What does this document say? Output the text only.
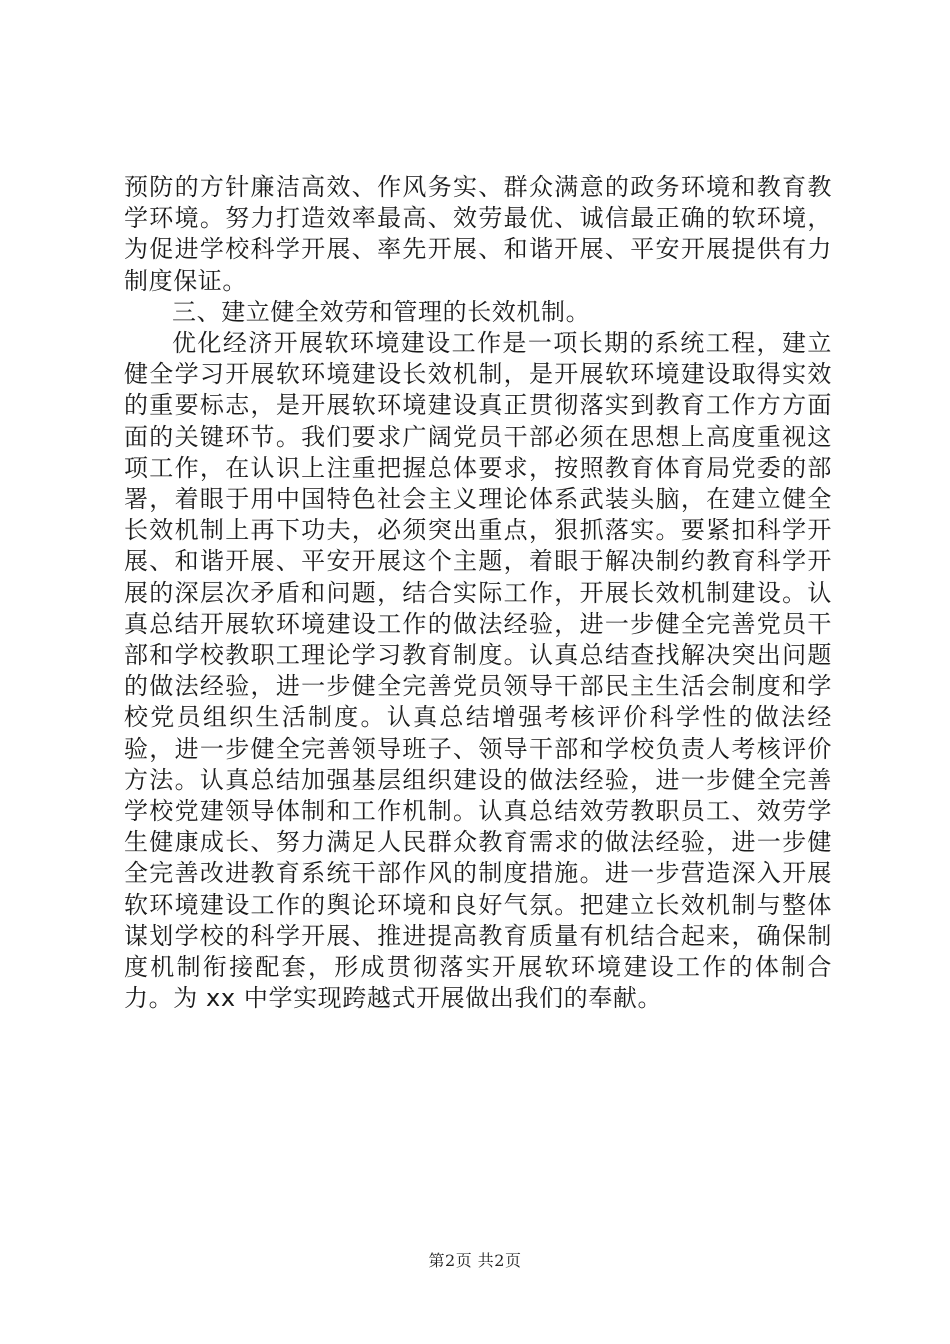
预防的方针廉洁高效、作风务实、群众满意的政务环境和教育教学环境。努力打造效率最高、效劳最优、诚信最正确的软环境，为促进学校科学开展、率先开展、和谐开展、平安开展提供有力制度保证。

三、建立健全效劳和管理的长效机制。

优化经济开展软环境建设工作是一项长期的系统工程，建立健全学习开展软环境建设长效机制，是开展软环境建设取得实效的重要标志，是开展软环境建设真正贯彻落实到教育工作方方面面的关键环节。我们要求广阔党员干部必须在思想上高度重视这项工作，在认识上注重把握总体要求，按照教育体育局党委的部署，着眼于用中国特色社会主义理论体系武装头脑，在建立健全长效机制上再下功夫，必须突出重点，狠抓落实。要紧扣科学开展、和谐开展、平安开展这个主题，着眼于解决制约教育科学开展的深层次矛盾和问题，结合实际工作，开展长效机制建设。认真总结开展软环境建设工作的做法经验，进一步健全完善党员干部和学校教职工理论学习教育制度。认真总结查找解决突出问题的做法经验，进一步健全完善党员领导干部民主生活会制度和学校党员组织生活制度。认真总结增强考核评价科学性的做法经验，进一步健全完善领导班子、领导干部和学校负责人考核评价方法。认真总结加强基层组织建设的做法经验，进一步健全完善学校党建领导体制和工作机制。认真总结效劳教职员工、效劳学生健康成长、努力满足人民群众教育需求的做法经验，进一步健全完善改进教育系统干部作风的制度措施。进一步营造深入开展软环境建设工作的舆论环境和良好气氛。把建立长效机制与整体谋划学校的科学开展、推进提高教育质量有机结合起来，确保制度机制衔接配套，形成贯彻落实开展软环境建设工作的体制合力。为 xx 中学实现跨越式开展做出我们的奉献。

第2页 共2页
